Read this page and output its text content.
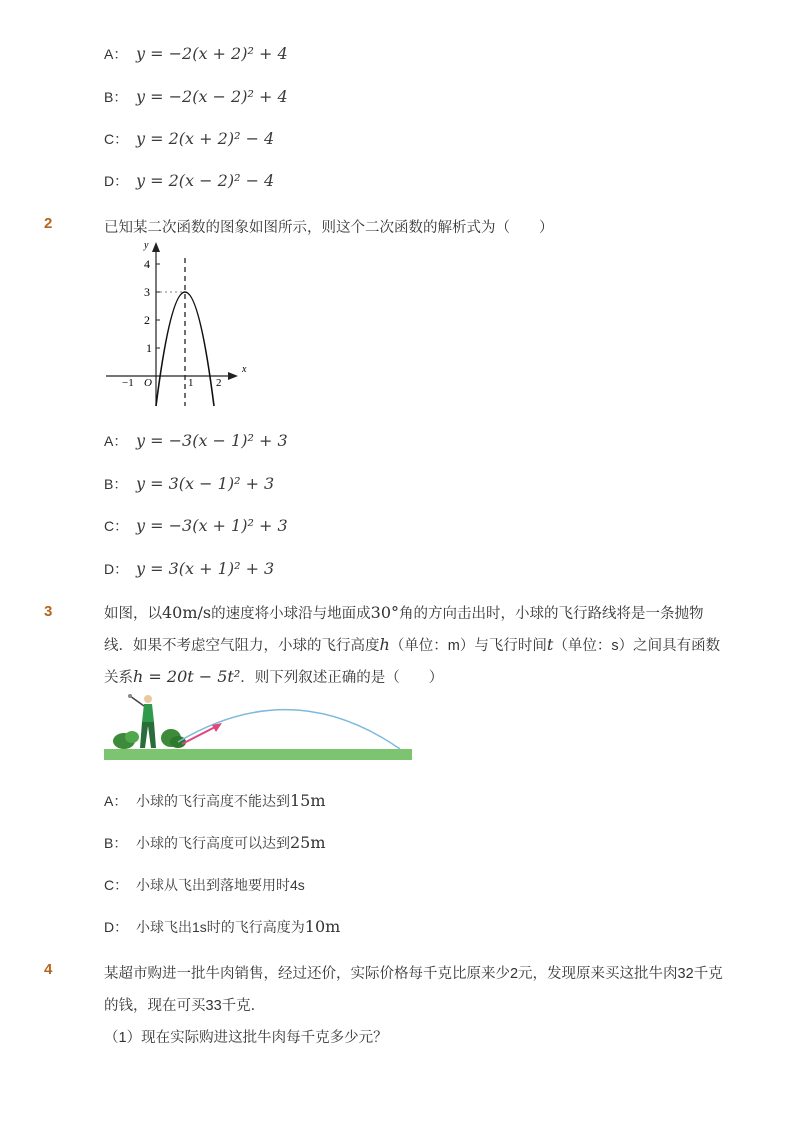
A： y = −2(x + 2)² + 4
B： y = −2(x − 2)² + 4
C： y = 2(x + 2)² − 4
D： y = 2(x − 2)² − 4
2	已知某二次函数的图象如图所示，则这个二次函数的解析式为（　　）
y
x
4
3
2
1
O
−1	1 2
A： y = −3(x − 1)² + 3
B： y = 3(x − 1)² + 3
C： y = −3(x + 1)² + 3
D： y = 3(x + 1)² + 3
3	如图，以40m/s的速度将小球沿与地面成30°角的方向击出时，小球的飞行路线将是一条抛物
线．如果不考虑空气阻力，小球的飞行高度h（单位：m）与飞行时间t（单位：s）之间具有函数
关系h = 20t − 5t²．则下列叙述正确的是（　　）
A： 小球的飞行高度不能达到 15m
B： 小球的飞行高度可以达到 25m
C： 小球从飞出到落地要用时4s
D： 小球飞出1s时的飞行高度为 10m
4	某超市购进一批牛肉销售，经过还价，实际价格每千克比原来少2元，发现原来买这批牛肉32千克
的钱，现在可买33千克．
（1）现在实际购进这批牛肉每千克多少元？
